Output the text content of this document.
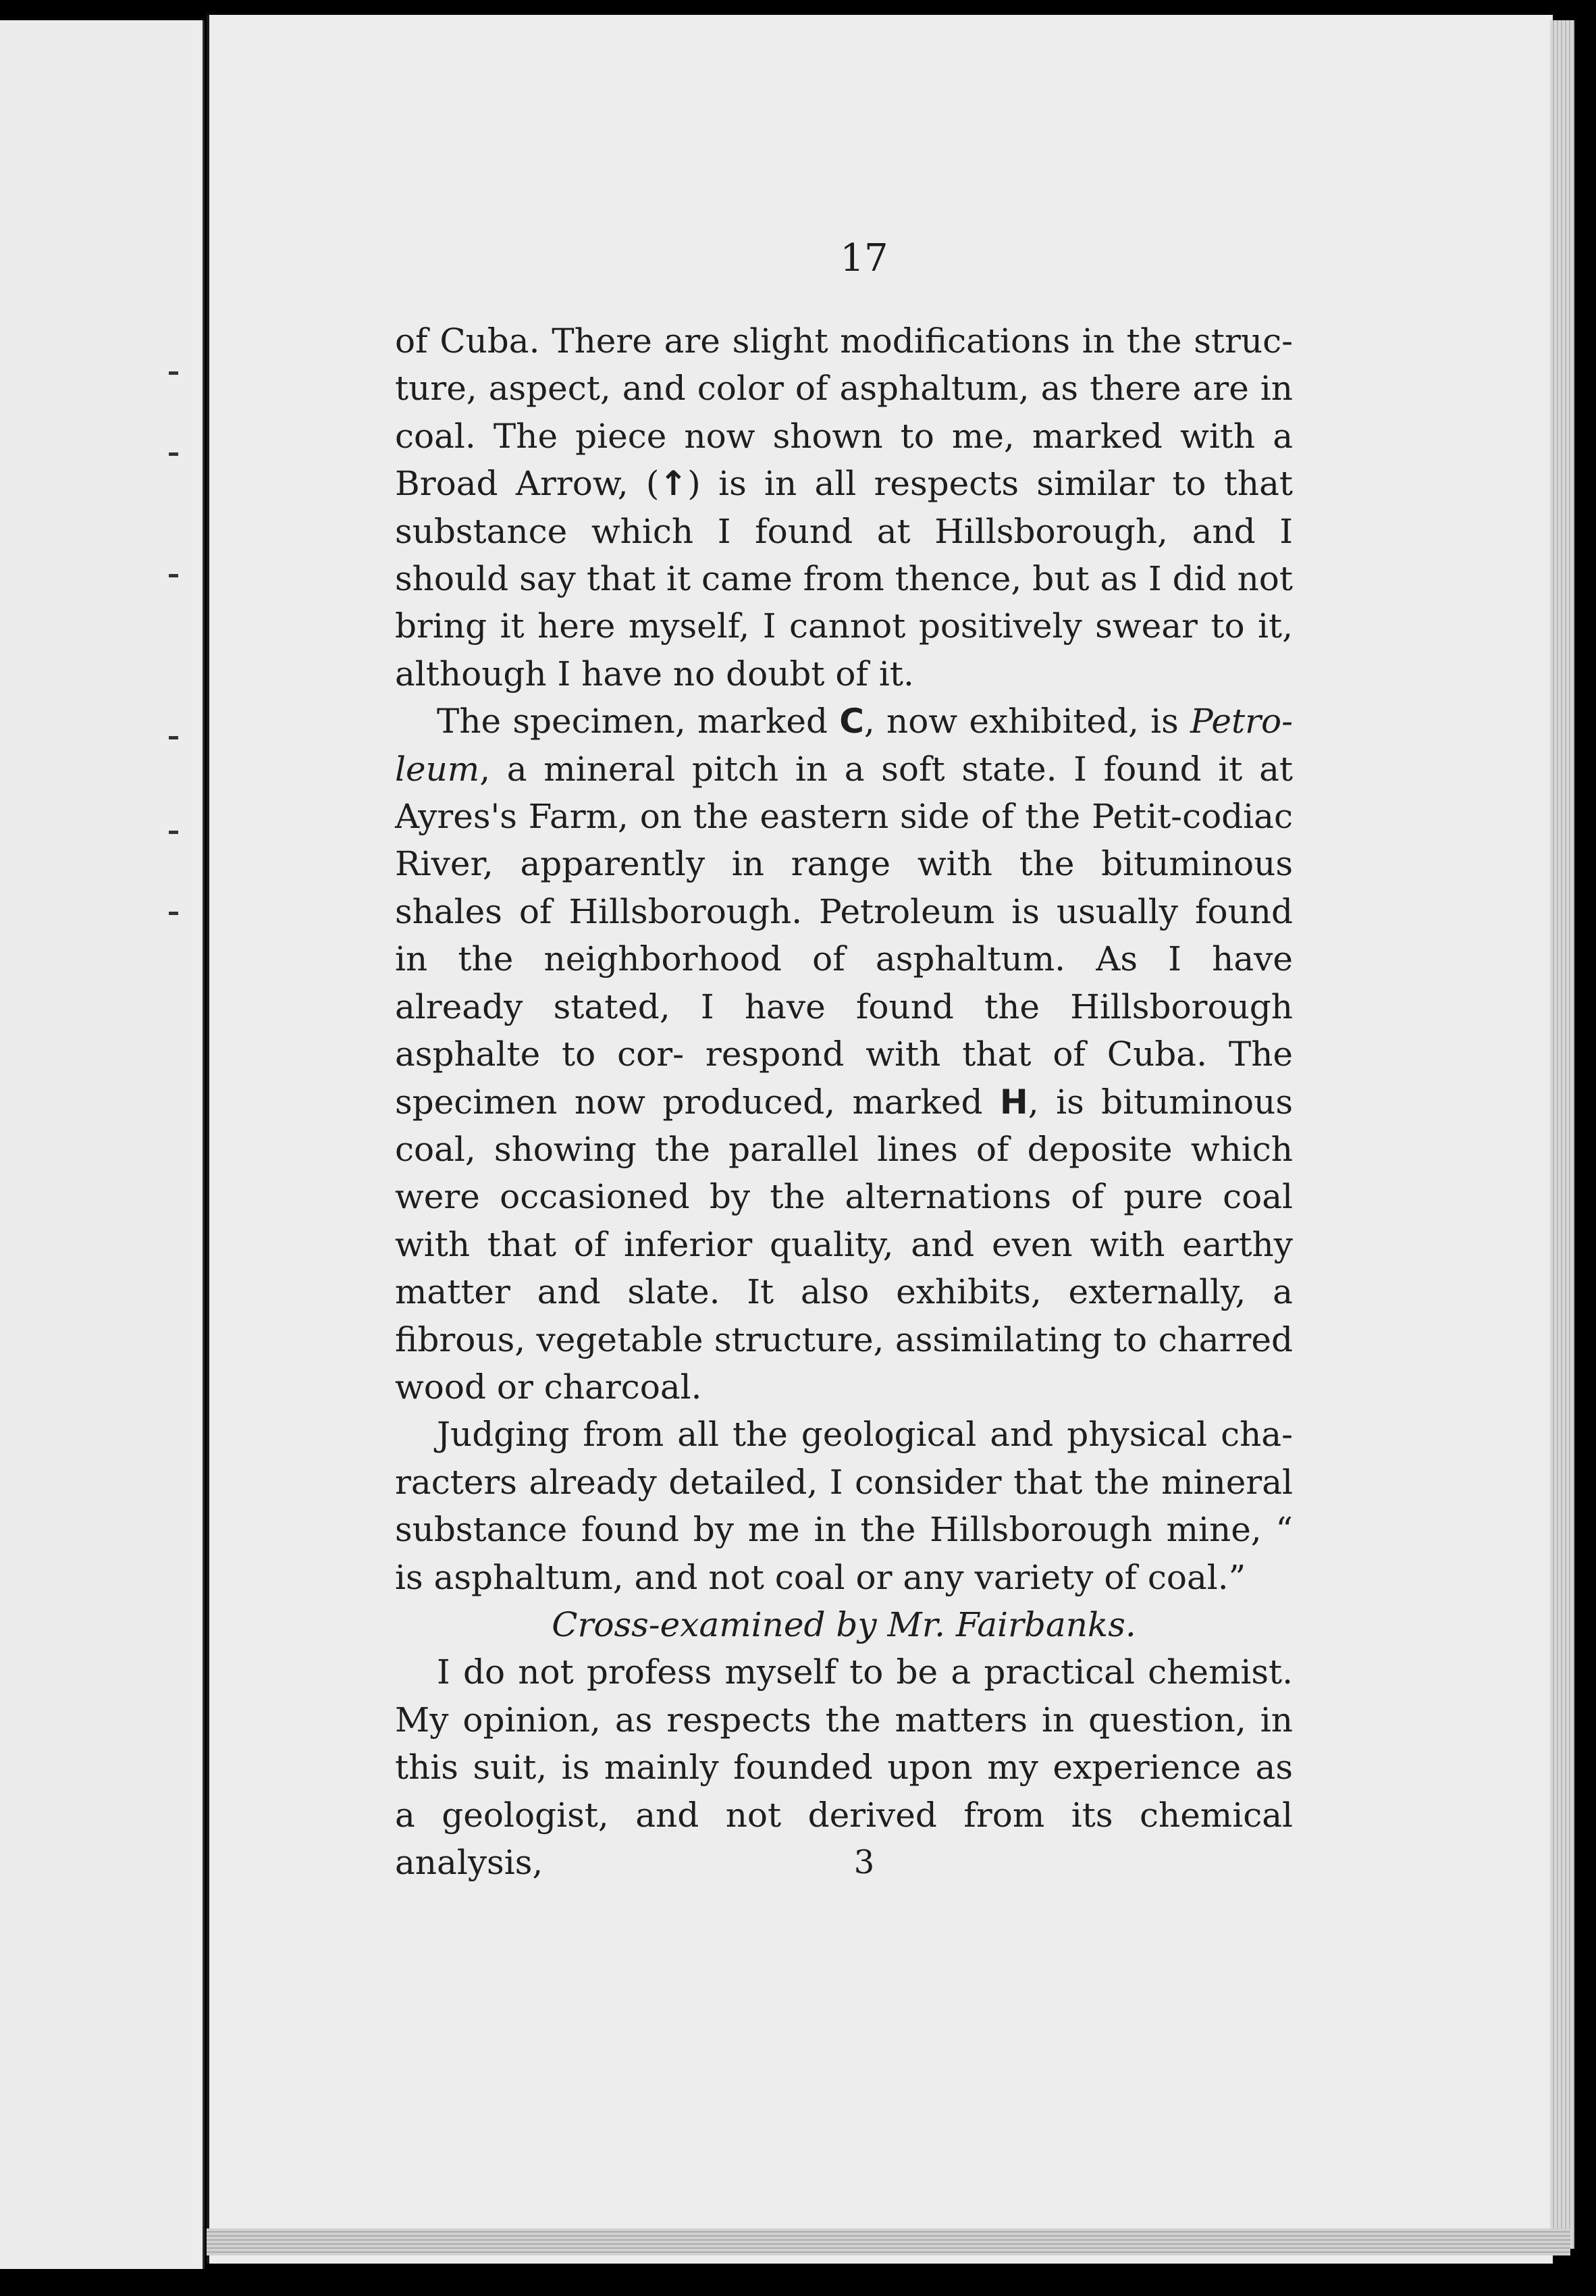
17

of Cuba. There are slight modifications in the struc- ture, aspect, and color of asphaltum, as there are in coal. The piece now shown to me, marked with a Broad Arrow, (↑) is in all respects similar to that substance which I found at Hillsborough, and I should say that it came from thence, but as I did not bring it here myself, I cannot positively swear to it, although I have no doubt of it.

The specimen, marked C, now exhibited, is Petro- leum, a mineral pitch in a soft state. I found it at Ayres's Farm, on the eastern side of the Petit-codiac River, apparently in range with the bituminous shales of Hillsborough. Petroleum is usually found in the neighborhood of asphaltum. As I have already stated, I have found the Hillsborough asphalte to cor- respond with that of Cuba. The specimen now produced, marked H, is bituminous coal, showing the parallel lines of deposite which were occasioned by the alternations of pure coal with that of inferior quality, and even with earthy matter and slate. It also exhibits, externally, a fibrous, vegetable structure, assimilating to charred wood or charcoal.

Judging from all the geological and physical cha- racters already detailed, I consider that the mineral substance found by me in the Hillsborough mine, “ is asphaltum, and not coal or any variety of coal.”

Cross-examined by Mr. Fairbanks.

I do not profess myself to be a practical chemist. My opinion, as respects the matters in question, in this suit, is mainly founded upon my experience as a geologist, and not derived from its chemical analysis,	3
